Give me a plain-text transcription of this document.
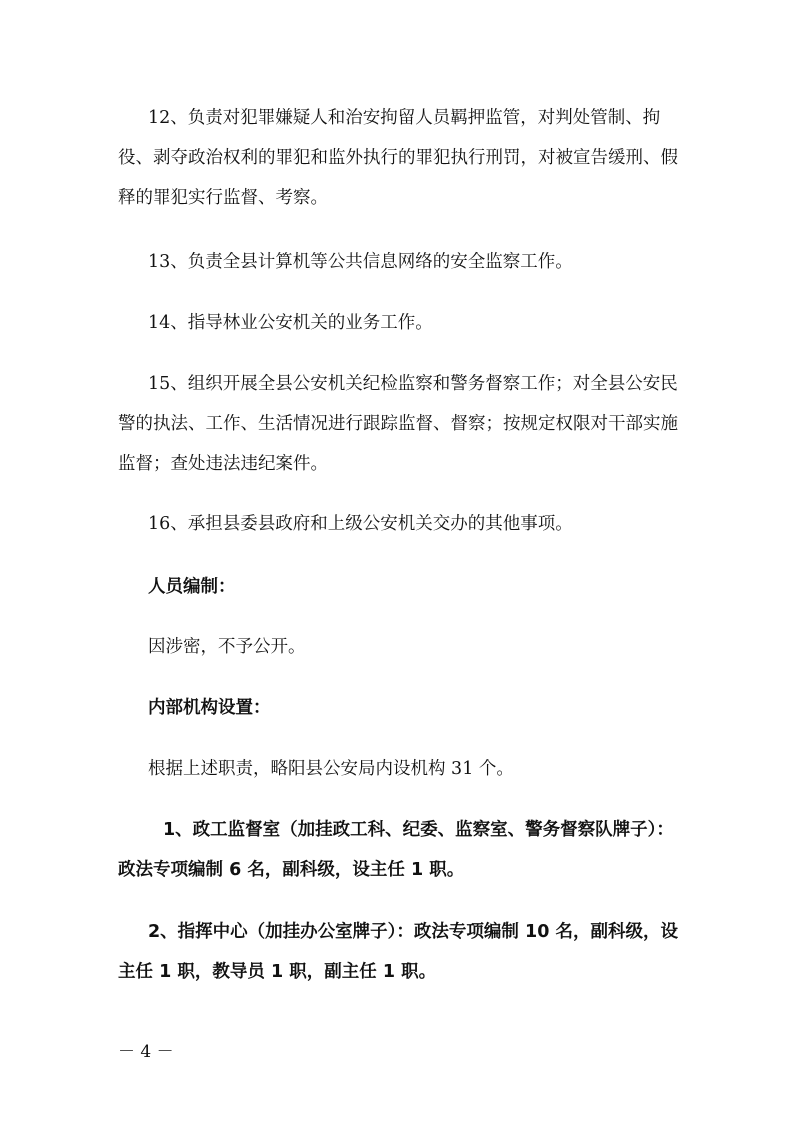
12、负责对犯罪嫌疑人和治安拘留人员羁押监管，对判处管制、拘役、剥夺政治权利的罪犯和监外执行的罪犯执行刑罚，对被宣告缓刑、假释的罪犯实行监督、考察。

13、负责全县计算机等公共信息网络的安全监察工作。

14、指导林业公安机关的业务工作。

15、组织开展全县公安机关纪检监察和警务督察工作；对全县公安民警的执法、工作、生活情况进行跟踪监督、督察；按规定权限对干部实施监督；查处违法违纪案件。

16、承担县委县政府和上级公安机关交办的其他事项。

人员编制：

因涉密，不予公开。

内部机构设置：

根据上述职责，略阳县公安局内设机构 31 个。

1、政工监督室（加挂政工科、纪委、监察室、警务督察队牌子）：政法专项编制 6 名，副科级，设主任 1 职。

2、指挥中心（加挂办公室牌子）：政法专项编制 10 名，副科级，设主任 1 职，教导员 1 职，副主任 1 职。

－ 4 －
